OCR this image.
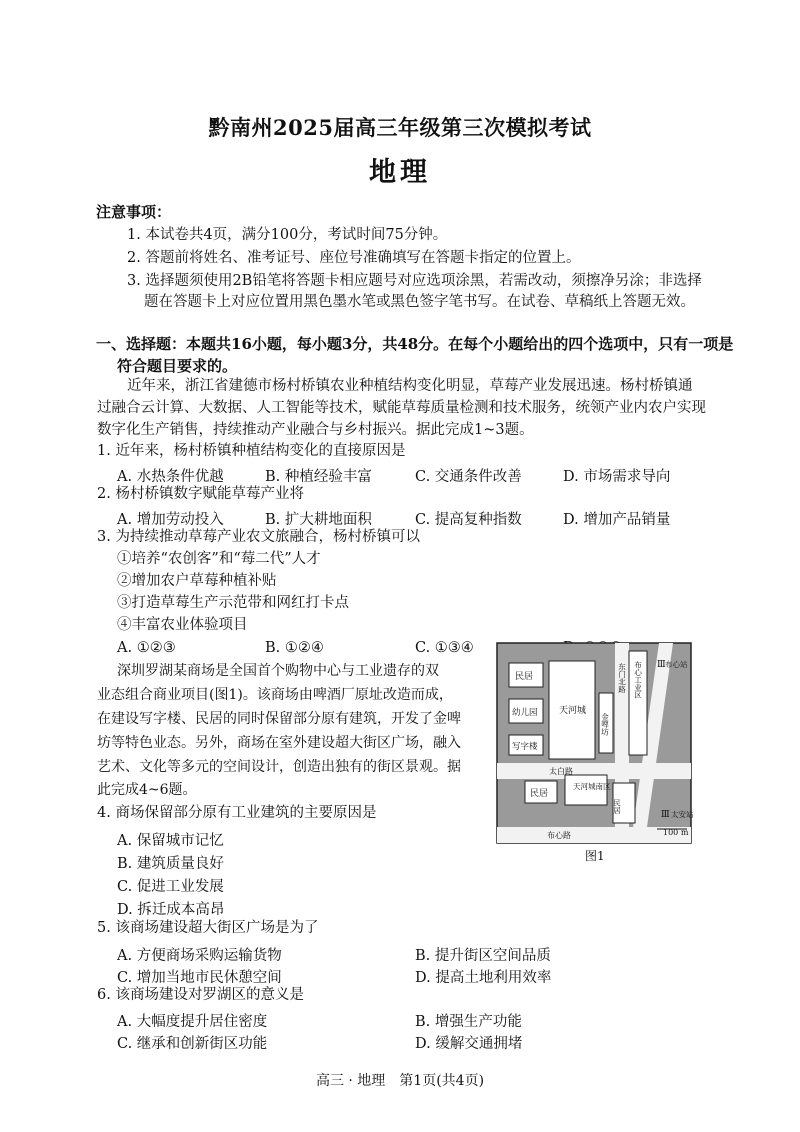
黔南州2025届高三年级第三次模拟考试
地理
注意事项：
1. 本试卷共4页，满分100分，考试时间75分钟。
2. 答题前将姓名、准考证号、座位号准确填写在答题卡指定的位置上。
3. 选择题须使用2B铅笔将答题卡相应题号对应选项涂黑，若需改动，须擦净另涂；非选择
题在答题卡上对应位置用黑色墨水笔或黑色签字笔书写。在试卷、草稿纸上答题无效。
一、选择题：本题共16小题，每小题3分，共48分。在每个小题给出的四个选项中，只有一项是
符合题目要求的。
近年来，浙江省建德市杨村桥镇农业种植结构变化明显，草莓产业发展迅速。杨村桥镇通
过融合云计算、大数据、人工智能等技术，赋能草莓质量检测和技术服务，统领产业内农户实现
数字化生产销售，持续推动产业融合与乡村振兴。据此完成1~3题。
1. 近年来，杨村桥镇种植结构变化的直接原因是
A. 水热条件优越	B. 种植经验丰富	C. 交通条件改善	D. 市场需求导向
2. 杨村桥镇数字赋能草莓产业将
A. 增加劳动投入	B. 扩大耕地面积	C. 提高复种指数	D. 增加产品销量
3. 为持续推动草莓产业农文旅融合，杨村桥镇可以
①培养“农创客”和“莓二代”人才
②增加农户草莓种植补贴
③打造草莓生产示范带和网红打卡点
④丰富农业体验项目
A. ①②③	B. ①②④	C. ①③④
深圳罗湖某商场是全国首个购物中心与工业遗存的双
业态组合商业项目(图1)。该商场由啤酒厂原址改造而成，
在建设写字楼、民居的同时保留部分原有建筑，开发了金啤
坊等特色业态。另外，商场在室外建设超大街区广场，融入
艺术、文化等多元的空间设计，创造出独有的街区景观。据
此完成4~6题。
民居
幼儿园
写字楼
天河城
金啤坊
东门北路 布心工业区	布心站
太白路
民居
天河城南区
民居
太安站
布心路	100 m
Ⅲ
Ⅲ
图1
4. 商场保留部分原有工业建筑的主要原因是
A. 保留城市记忆
B. 建筑质量良好
C. 促进工业发展
D. 拆迁成本高昂
5. 该商场建设超大街区广场是为了
A. 方便商场采购运输货物	B. 提升街区空间品质
C. 增加当地市民休憩空间	D. 提高土地利用效率
6. 该商场建设对罗湖区的意义是
A. 大幅度提升居住密度	B. 增强生产功能
C. 继承和创新街区功能	D. 缓解交通拥堵
高三 · 地理　第1页(共4页)
